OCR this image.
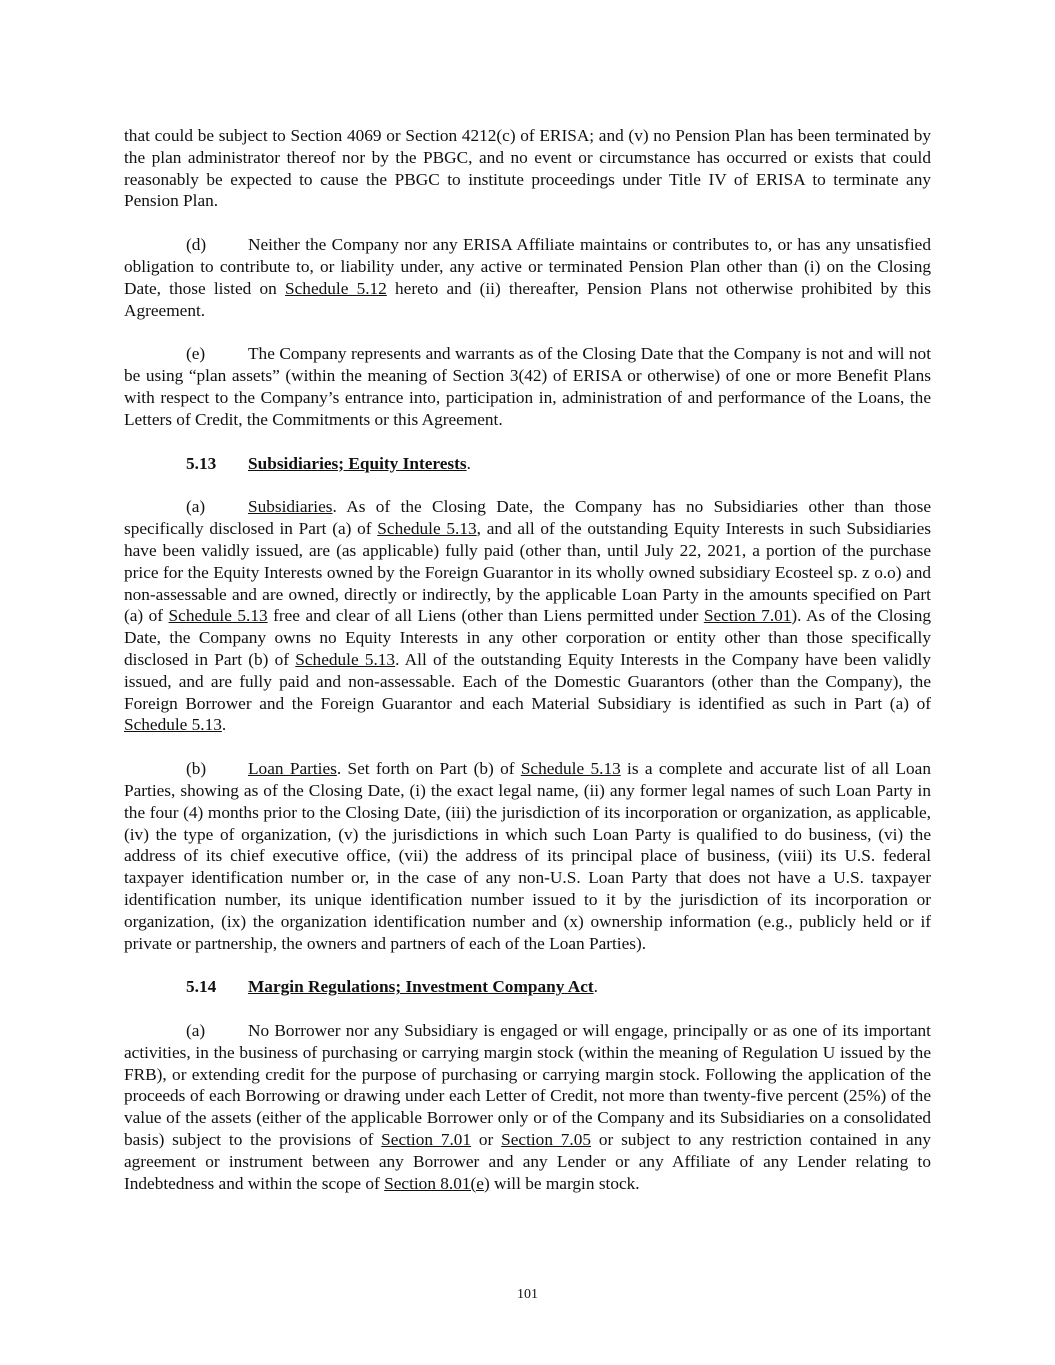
that could be subject to Section 4069 or Section 4212(c) of ERISA; and (v) no Pension Plan has been terminated by the plan administrator thereof nor by the PBGC, and no event or circumstance has occurred or exists that could reasonably be expected to cause the PBGC to institute proceedings under Title IV of ERISA to terminate any Pension Plan.

(d) Neither the Company nor any ERISA Affiliate maintains or contributes to, or has any unsatisfied obligation to contribute to, or liability under, any active or terminated Pension Plan other than (i) on the Closing Date, those listed on Schedule 5.12 hereto and (ii) thereafter, Pension Plans not otherwise prohibited by this Agreement.

(e) The Company represents and warrants as of the Closing Date that the Company is not and will not be using “plan assets” (within the meaning of Section 3(42) of ERISA or otherwise) of one or more Benefit Plans with respect to the Company’s entrance into, participation in, administration of and performance of the Loans, the Letters of Credit, the Commitments or this Agreement.

5.13 Subsidiaries; Equity Interests.

(a) Subsidiaries. As of the Closing Date, the Company has no Subsidiaries other than those specifically disclosed in Part (a) of Schedule 5.13, and all of the outstanding Equity Interests in such Subsidiaries have been validly issued, are (as applicable) fully paid (other than, until July 22, 2021, a portion of the purchase price for the Equity Interests owned by the Foreign Guarantor in its wholly owned subsidiary Ecosteel sp. z o.o) and non-assessable and are owned, directly or indirectly, by the applicable Loan Party in the amounts specified on Part (a) of Schedule 5.13 free and clear of all Liens (other than Liens permitted under Section 7.01). As of the Closing Date, the Company owns no Equity Interests in any other corporation or entity other than those specifically disclosed in Part (b) of Schedule 5.13. All of the outstanding Equity Interests in the Company have been validly issued, and are fully paid and non-assessable. Each of the Domestic Guarantors (other than the Company), the Foreign Borrower and the Foreign Guarantor and each Material Subsidiary is identified as such in Part (a) of Schedule 5.13.

(b) Loan Parties. Set forth on Part (b) of Schedule 5.13 is a complete and accurate list of all Loan Parties, showing as of the Closing Date, (i) the exact legal name, (ii) any former legal names of such Loan Party in the four (4) months prior to the Closing Date, (iii) the jurisdiction of its incorporation or organization, as applicable, (iv) the type of organization, (v) the jurisdictions in which such Loan Party is qualified to do business, (vi) the address of its chief executive office, (vii) the address of its principal place of business, (viii) its U.S. federal taxpayer identification number or, in the case of any non-U.S. Loan Party that does not have a U.S. taxpayer identification number, its unique identification number issued to it by the jurisdiction of its incorporation or organization, (ix) the organization identification number and (x) ownership information (e.g., publicly held or if private or partnership, the owners and partners of each of the Loan Parties).

5.14 Margin Regulations; Investment Company Act.

(a) No Borrower nor any Subsidiary is engaged or will engage, principally or as one of its important activities, in the business of purchasing or carrying margin stock (within the meaning of Regulation U issued by the FRB), or extending credit for the purpose of purchasing or carrying margin stock. Following the application of the proceeds of each Borrowing or drawing under each Letter of Credit, not more than twenty-five percent (25%) of the value of the assets (either of the applicable Borrower only or of the Company and its Subsidiaries on a consolidated basis) subject to the provisions of Section 7.01 or Section 7.05 or subject to any restriction contained in any agreement or instrument between any Borrower and any Lender or any Affiliate of any Lender relating to Indebtedness and within the scope of Section 8.01(e) will be margin stock.

101
